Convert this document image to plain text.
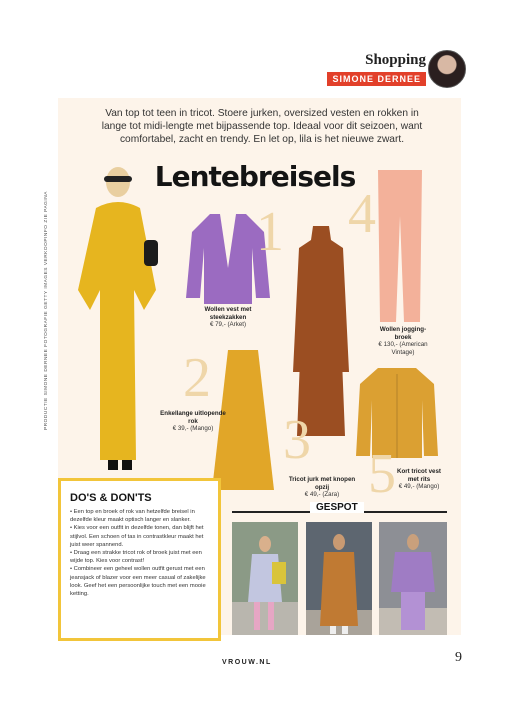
Shopping
SIMONE DERNEE
PRODUCTIE SIMONE DERNEE FOTOGRAFIE GETTY IMAGES VERKOOPINFO ZIE PAGINA
Van top tot teen in tricot. Stoere jurken, oversized vesten en rokken in lange tot midi-lengte met bijpassende top. Ideaal voor dit seizoen, want comfortabel, zacht en trendy. En let op, lila is het nieuwe zwart.
Lentebreisels
1
2
3
4
5
Wollen vest met steekzakken
€ 79,- (Arket)
Enkellange uitlopende rok
€ 39,- (Mango)
Tricot jurk met knopen opzij
€ 49,- (Zara)
Wollen jogging-broek
€ 130,- (American Vintage)
Kort tricot vest met rits
€ 49,- (Mango)
DO'S & DON'TS
• Een top en broek of rok van hetzelfde breisel in dezelfde kleur maakt optisch langer en slanker.
• Kies voor een outfit in dezelfde tonen, dan blijft het stijlvol. Een schoen of tas in contrastkleur maakt het juist weer spannend.
• Draag een strakke tricot rok of broek juist met een wijde top. Kies voor contrast!
• Combineer een geheel wollen outfit gerust met een jeansjack of blazer voor een meer casual of zakelijke look. Geef het een persoonlijke touch met een mooie ketting.
GESPOT
VROUW.NL	9
